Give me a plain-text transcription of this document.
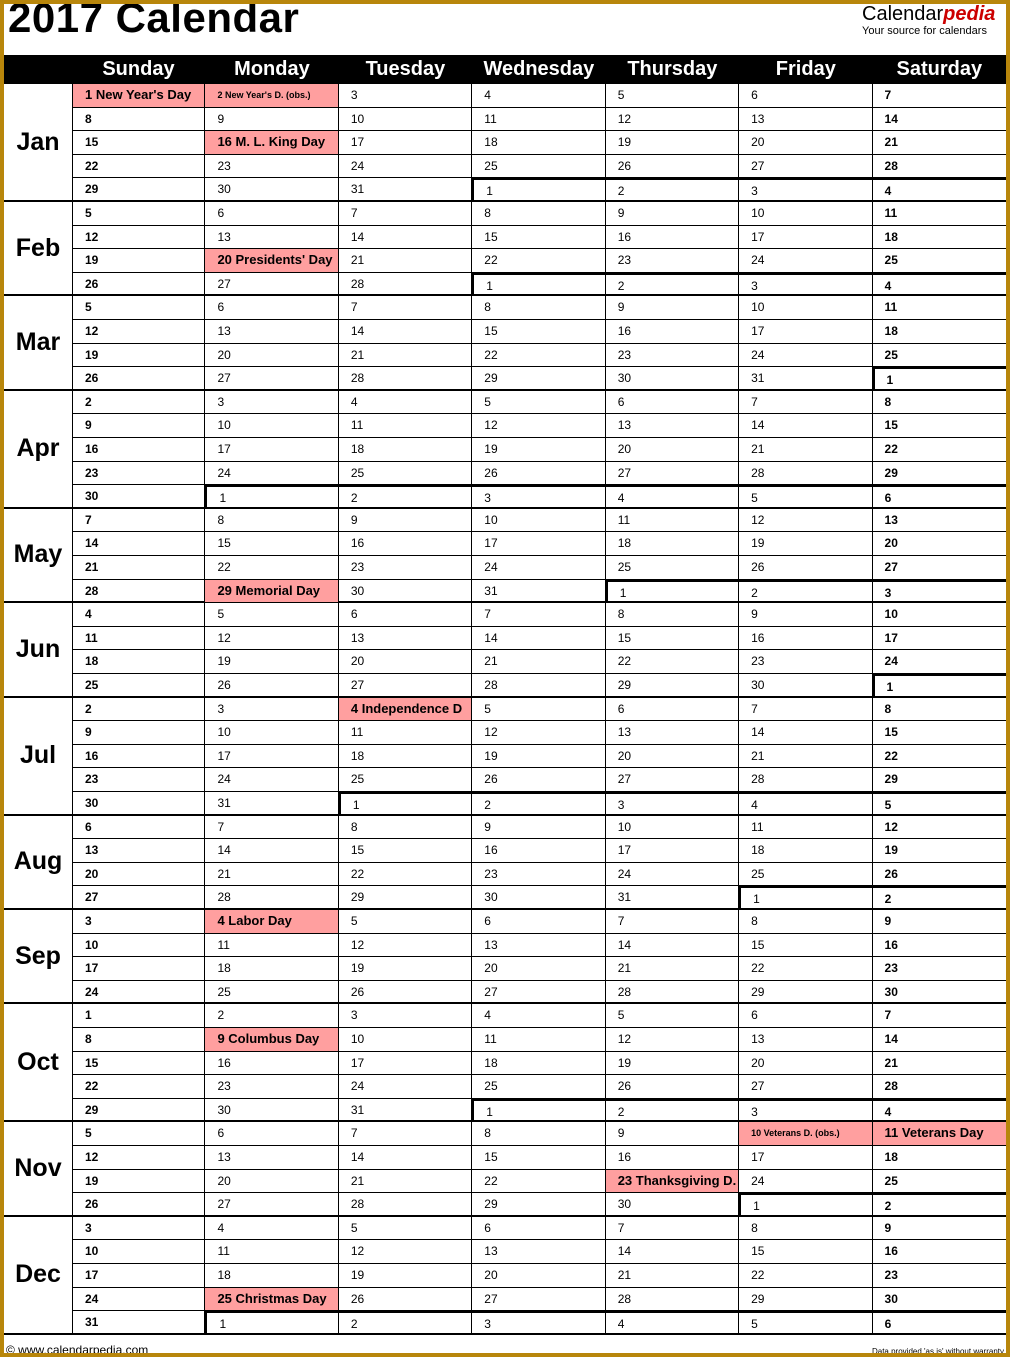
2017 Calendar	Calendarpedia
Your source for calendars
Sunday	Monday	Tuesday	Wednesday	Thursday	Friday	Saturday
Jan
1 New Year's Day	2 New Year's D. (obs.)	3	4	5	6	7
8	9	10	11	12	13	14
15	16 M. L. King Day	17	18	19	20	21
22	23	24	25	26	27	28
29	30	31	1	2	3	4
Feb
5	6	7	8	9	10	11
12	13	14	15	16	17	18
19	20 Presidents' Day	21	22	23	24	25
26	27	28	1	2	3	4
Mar
5	6	7	8	9	10	11
12	13	14	15	16	17	18
19	20	21	22	23	24	25
26	27	28	29	30	31	1
Apr
2	3	4	5	6	7	8
9	10	11	12	13	14	15
16	17	18	19	20	21	22
23	24	25	26	27	28	29
30	1	2	3	4	5	6
May
7	8	9	10	11	12	13
14	15	16	17	18	19	20
21	22	23	24	25	26	27
28	29 Memorial Day	30	31	1	2	3
Jun
4	5	6	7	8	9	10
11	12	13	14	15	16	17
18	19	20	21	22	23	24
25	26	27	28	29	30	1
Jul
2	3	4 Independence D	5	6	7	8
9	10	11	12	13	14	15
16	17	18	19	20	21	22
23	24	25	26	27	28	29
30	31	1	2	3	4	5
Aug
6	7	8	9	10	11	12
13	14	15	16	17	18	19
20	21	22	23	24	25	26
27	28	29	30	31	1	2
Sep
3	4 Labor Day	5	6	7	8	9
10	11	12	13	14	15	16
17	18	19	20	21	22	23
24	25	26	27	28	29	30
Oct
1	2	3	4	5	6	7
8	9 Columbus Day	10	11	12	13	14
15	16	17	18	19	20	21
22	23	24	25	26	27	28
29	30	31	1	2	3	4
Nov
5	6	7	8	9	10 Veterans D. (obs.)	11 Veterans Day
12	13	14	15	16	17	18
19	20	21	22	23 Thanksgiving D.	24	25
26	27	28	29	30	1	2
Dec
3	4	5	6	7	8	9
10	11	12	13	14	15	16
17	18	19	20	21	22	23
24	25 Christmas Day	26	27	28	29	30
31	1	2	3	4	5	6
© www.calendarpedia.com	Data provided 'as is' without warranty
